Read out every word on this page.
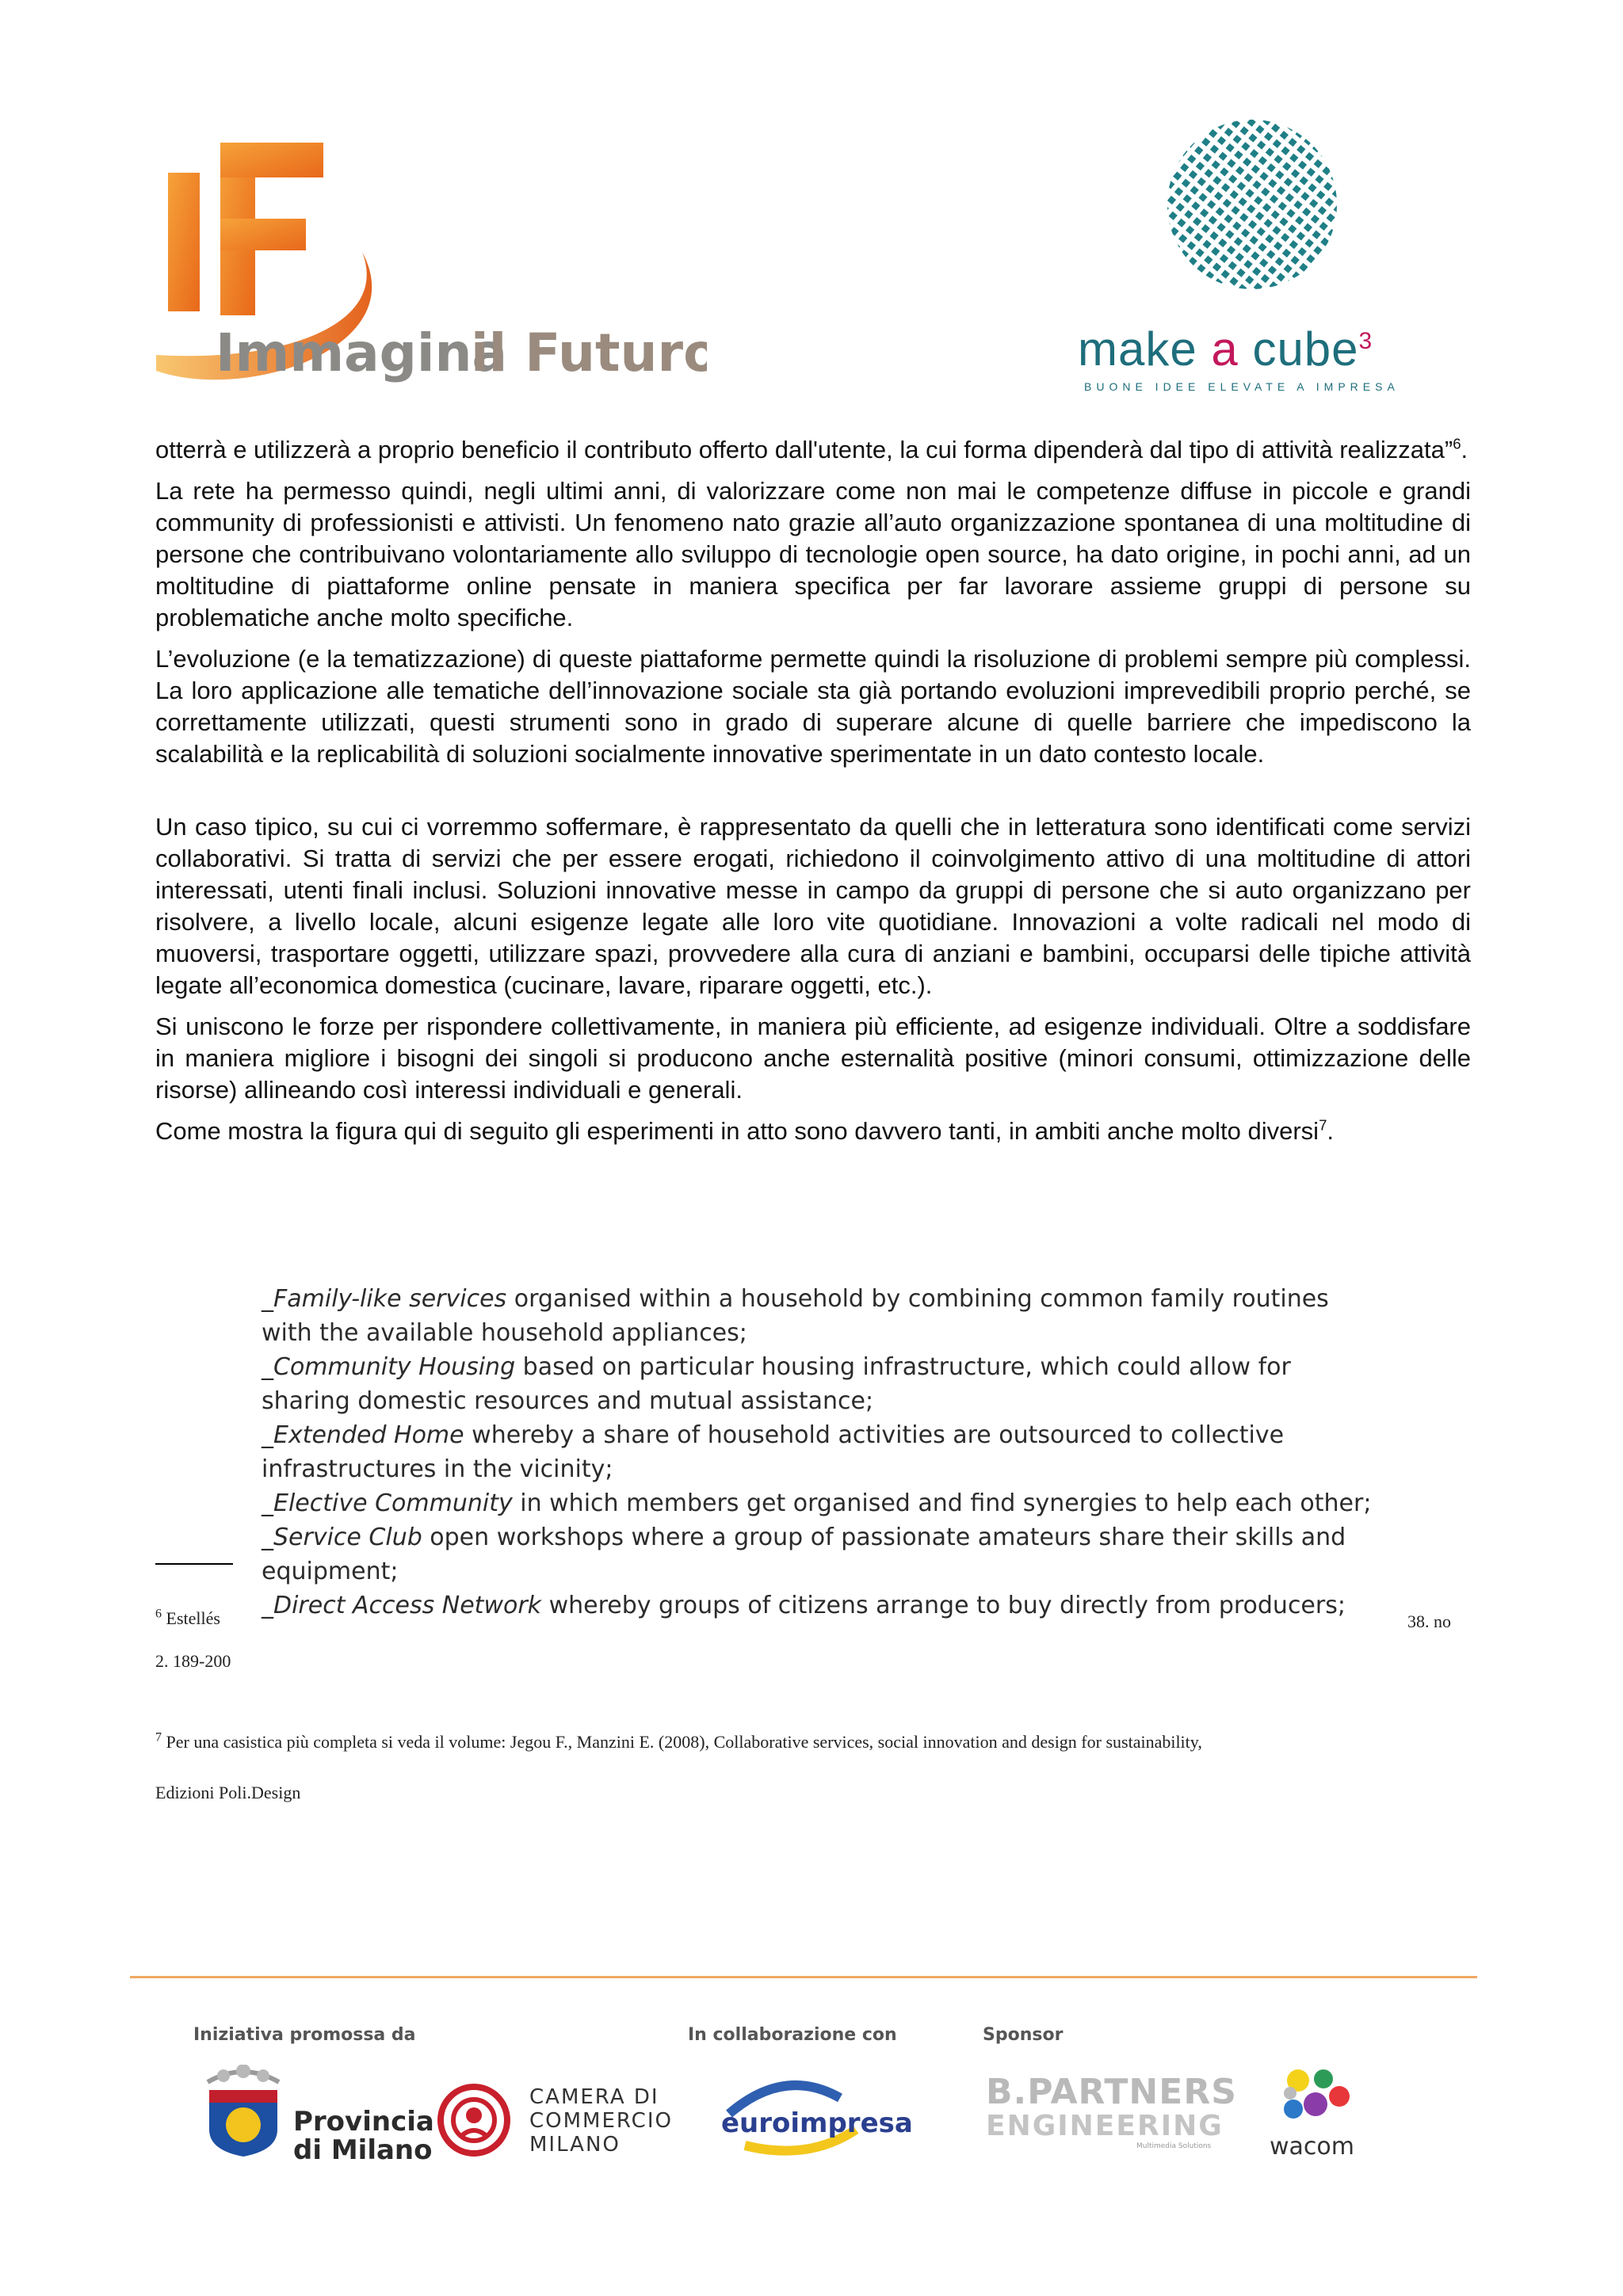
Immagina
il Futuro	make a cube$^3$
BUONE IDEE ELEVATE A IMPRESA

otterrà e utilizzerà a proprio beneficio il contributo offerto dall'utente, la cui forma dipenderà dal tipo di attività realizzata”$^6$.

La rete ha permesso quindi, negli ultimi anni, di valorizzare come non mai le competenze diffuse in piccole e grandi community di professionisti e attivisti. Un fenomeno nato grazie all’auto organizzazione spontanea di una moltitudine di persone che contribuivano volontariamente allo sviluppo di tecnologie open source, ha dato origine, in pochi anni, ad un moltitudine di piattaforme online pensate in maniera specifica per far lavorare assieme gruppi di persone su problematiche anche molto specifiche.

L’evoluzione (e la tematizzazione) di queste piattaforme permette quindi la risoluzione di problemi sempre più complessi. La loro applicazione alle tematiche dell’innovazione sociale sta già portando evoluzioni imprevedibili proprio perché, se correttamente utilizzati, questi strumenti sono in grado di superare alcune di quelle barriere che impediscono la scalabilità e la replicabilità di soluzioni socialmente innovative sperimentate in un dato contesto locale.

Un caso tipico, su cui ci vorremmo soffermare, è rappresentato da quelli che in letteratura sono identificati come servizi collaborativi. Si tratta di servizi che per essere erogati, richiedono il coinvolgimento attivo di una moltitudine di attori interessati, utenti finali inclusi. Soluzioni innovative messe in campo da gruppi di persone che si auto organizzano per risolvere, a livello locale, alcuni esigenze legate alle loro vite quotidiane. Innovazioni a volte radicali nel modo di muoversi, trasportare oggetti, utilizzare spazi, provvedere alla cura di anziani e bambini, occuparsi delle tipiche attività legate all’economica domestica (cucinare, lavare, riparare oggetti, etc.).

Si uniscono le forze per rispondere collettivamente, in maniera più efficiente, ad esigenze individuali. Oltre a soddisfare in maniera migliore i bisogni dei singoli si producono anche esternalità positive (minori consumi, ottimizzazione delle risorse) allineando così interessi individuali e generali.

Come mostra la figura qui di seguito gli esperimenti in atto sono davvero tanti, in ambiti anche molto diversi$^7$.

$^6$ Estellés	38. no
2. 189-200
_Family-like services organised within a household by combining common family routines
with the available household appliances;
_Community Housing based on particular housing infrastructure, which could allow for
sharing domestic resources and mutual assistance;
_Extended Home whereby a share of household activities are outsourced to collective
infrastructures in the vicinity;
_Elective Community in which members get organised and find synergies to help each other;
_Service Club open workshops where a group of passionate amateurs share their skills and
equipment;
_Direct Access Network whereby groups of citizens arrange to buy directly from producers;
$^7$ Per una casistica più completa si veda il volume: Jegou F., Manzini E. (2008), Collaborative services, social innovation and design for sustainability,
Edizioni Poli.Design
Iniziativa promossa da	In collaborazione con	Sponsor
Provincia
di Milano
CAMERA DI
COMMERCIO
MILANO
euroimpresa
B.PARTNERS
ENGINEERING
Multimedia Solutions wacom
